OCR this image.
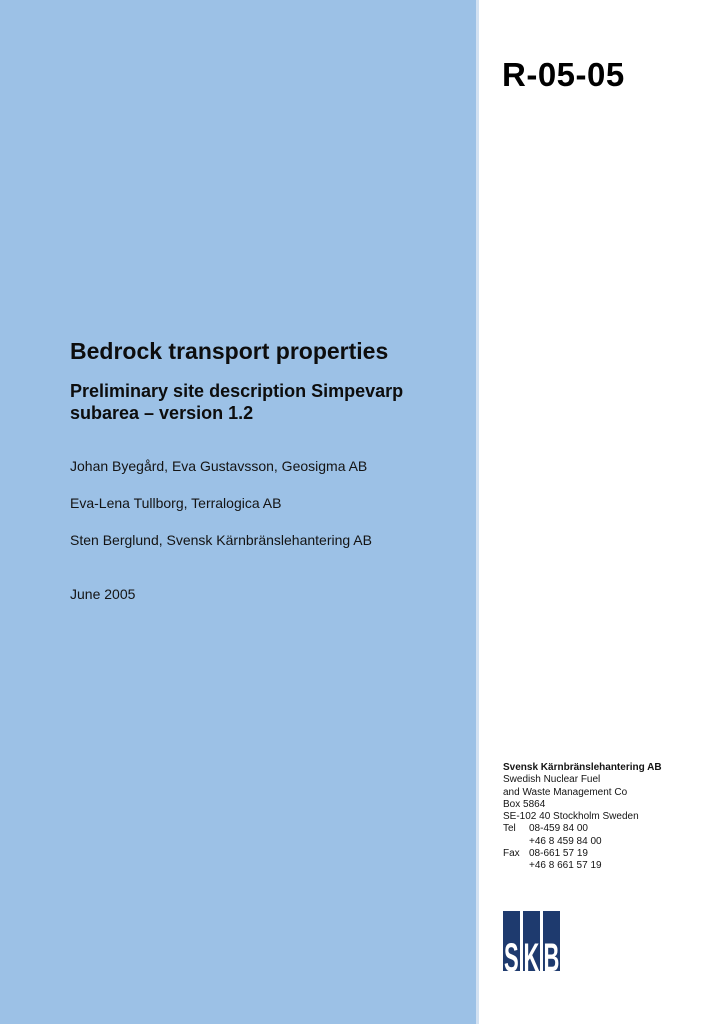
R-05-05
Bedrock transport properties
Preliminary site description Simpevarp
subarea – version 1.2
Johan Byegård, Eva Gustavsson, Geosigma AB
Eva-Lena Tullborg, Terralogica AB
Sten Berglund, Svensk Kärnbränslehantering AB
June 2005
Svensk Kärnbränslehantering AB
Swedish Nuclear Fuel
and Waste Management Co
Box 5864
SE-102 40 Stockholm Sweden
Tel	08-459 84 00
+46 8 459 84 00
Fax 08-661 57 19
+46 8 661 57 19
S K B
